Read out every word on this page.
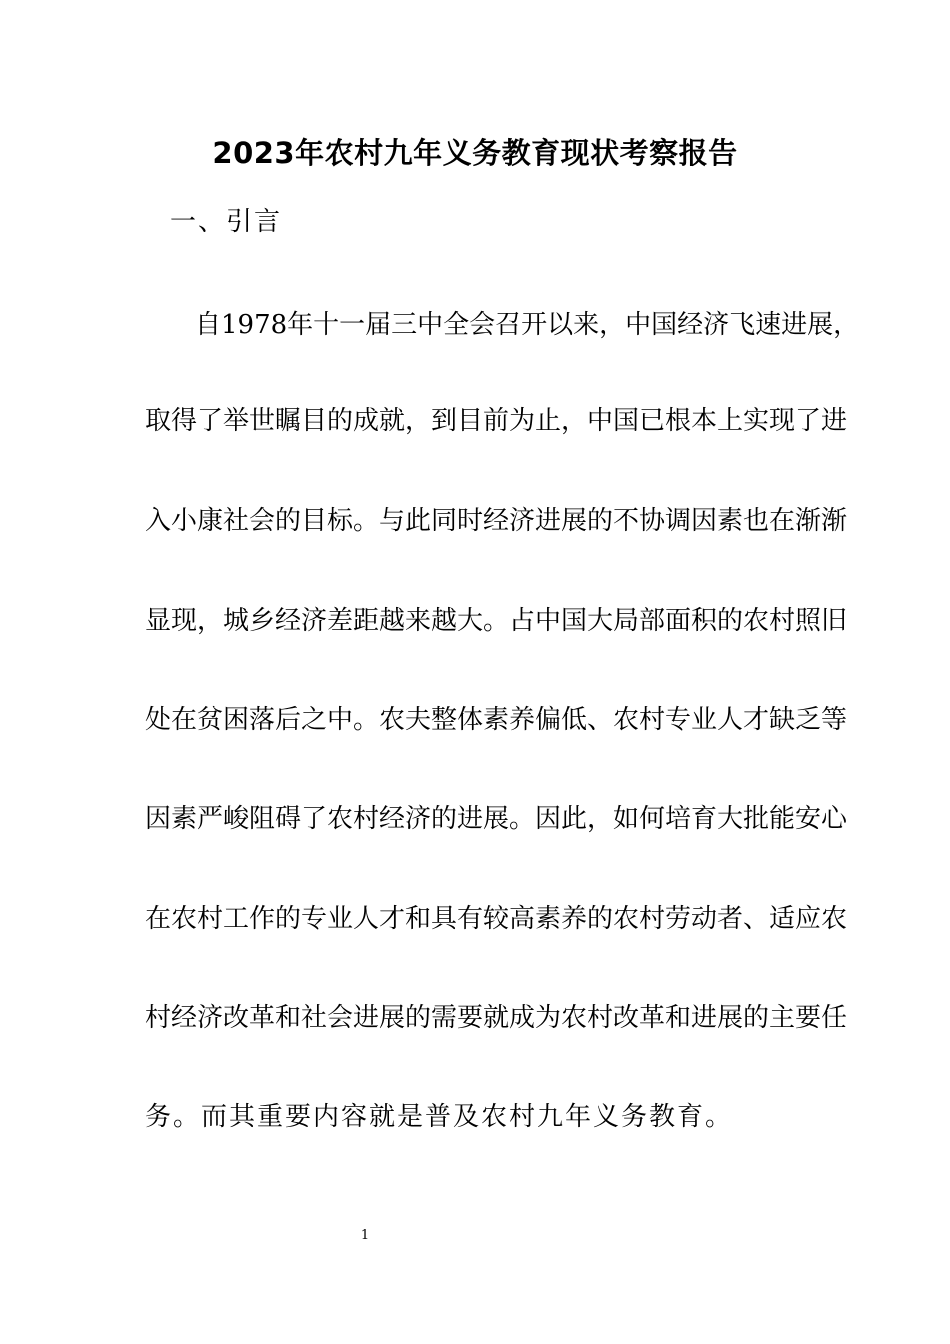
2023年农村九年义务教育现状考察报告
一、引言
自1978年十一届三中全会召开以来，中国经济飞速进展，
取得了举世瞩目的成就，到目前为止，中国已根本上实现了进
入小康社会的目标。与此同时经济进展的不协调因素也在渐渐
显现，城乡经济差距越来越大。占中国大局部面积的农村照旧
处在贫困落后之中。农夫整体素养偏低、农村专业人才缺乏等
因素严峻阻碍了农村经济的进展。因此，如何培育大批能安心
在农村工作的专业人才和具有较高素养的农村劳动者、适应农
村经济改革和社会进展的需要就成为农村改革和进展的主要任
务。而其重要内容就是普及农村九年义务教育。
1
